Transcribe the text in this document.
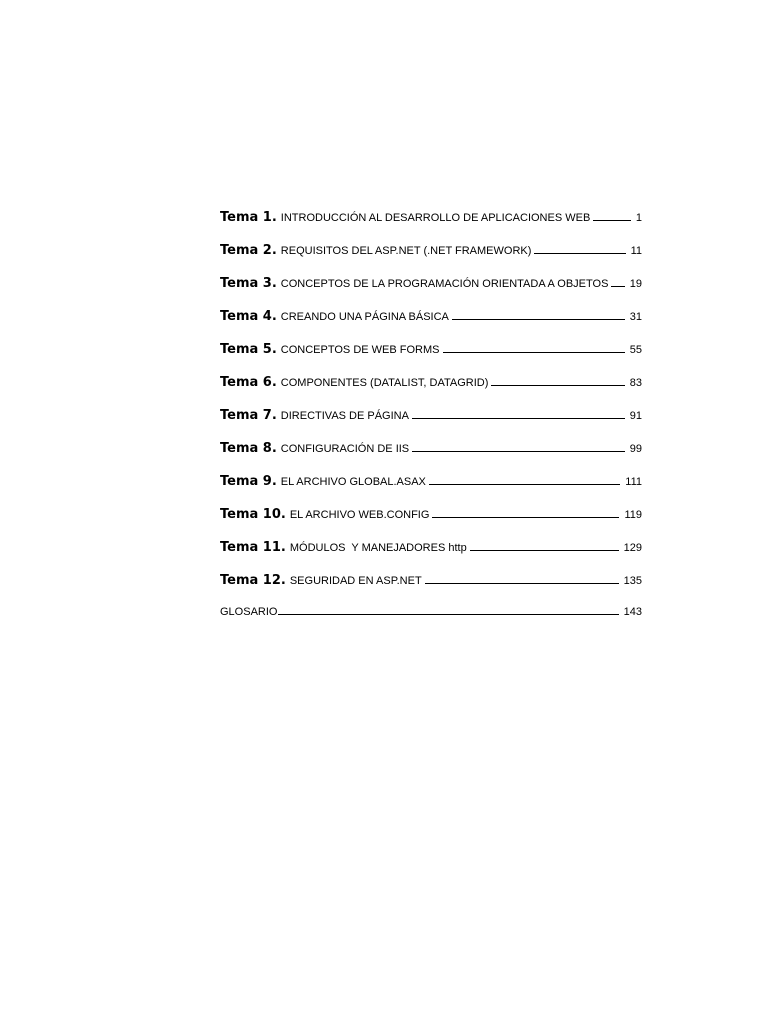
Tema 1. INTRODUCCIÓN AL DESARROLLO DE APLICACIONES WEB	1
Tema 2. REQUISITOS DEL ASP.NET (.NET FRAMEWORK)	11
Tema 3. CONCEPTOS DE LA PROGRAMACIÓN ORIENTADA A OBJETOS 19
Tema 4. CREANDO UNA PÁGINA BÁSICA	31
Tema 5. CONCEPTOS DE WEB FORMS	55
Tema 6. COMPONENTES (DATALIST, DATAGRID)	83
Tema 7. DIRECTIVAS DE PÁGINA	91
Tema 8. CONFIGURACIÓN DE IIS	99
Tema 9. EL ARCHIVO GLOBAL.ASAX	111
Tema 10. EL ARCHIVO WEB.CONFIG	119
Tema 11. MÓDULOS  Y MANEJADORES http	129
Tema 12. SEGURIDAD EN ASP.NET	135
GLOSARIO	143
